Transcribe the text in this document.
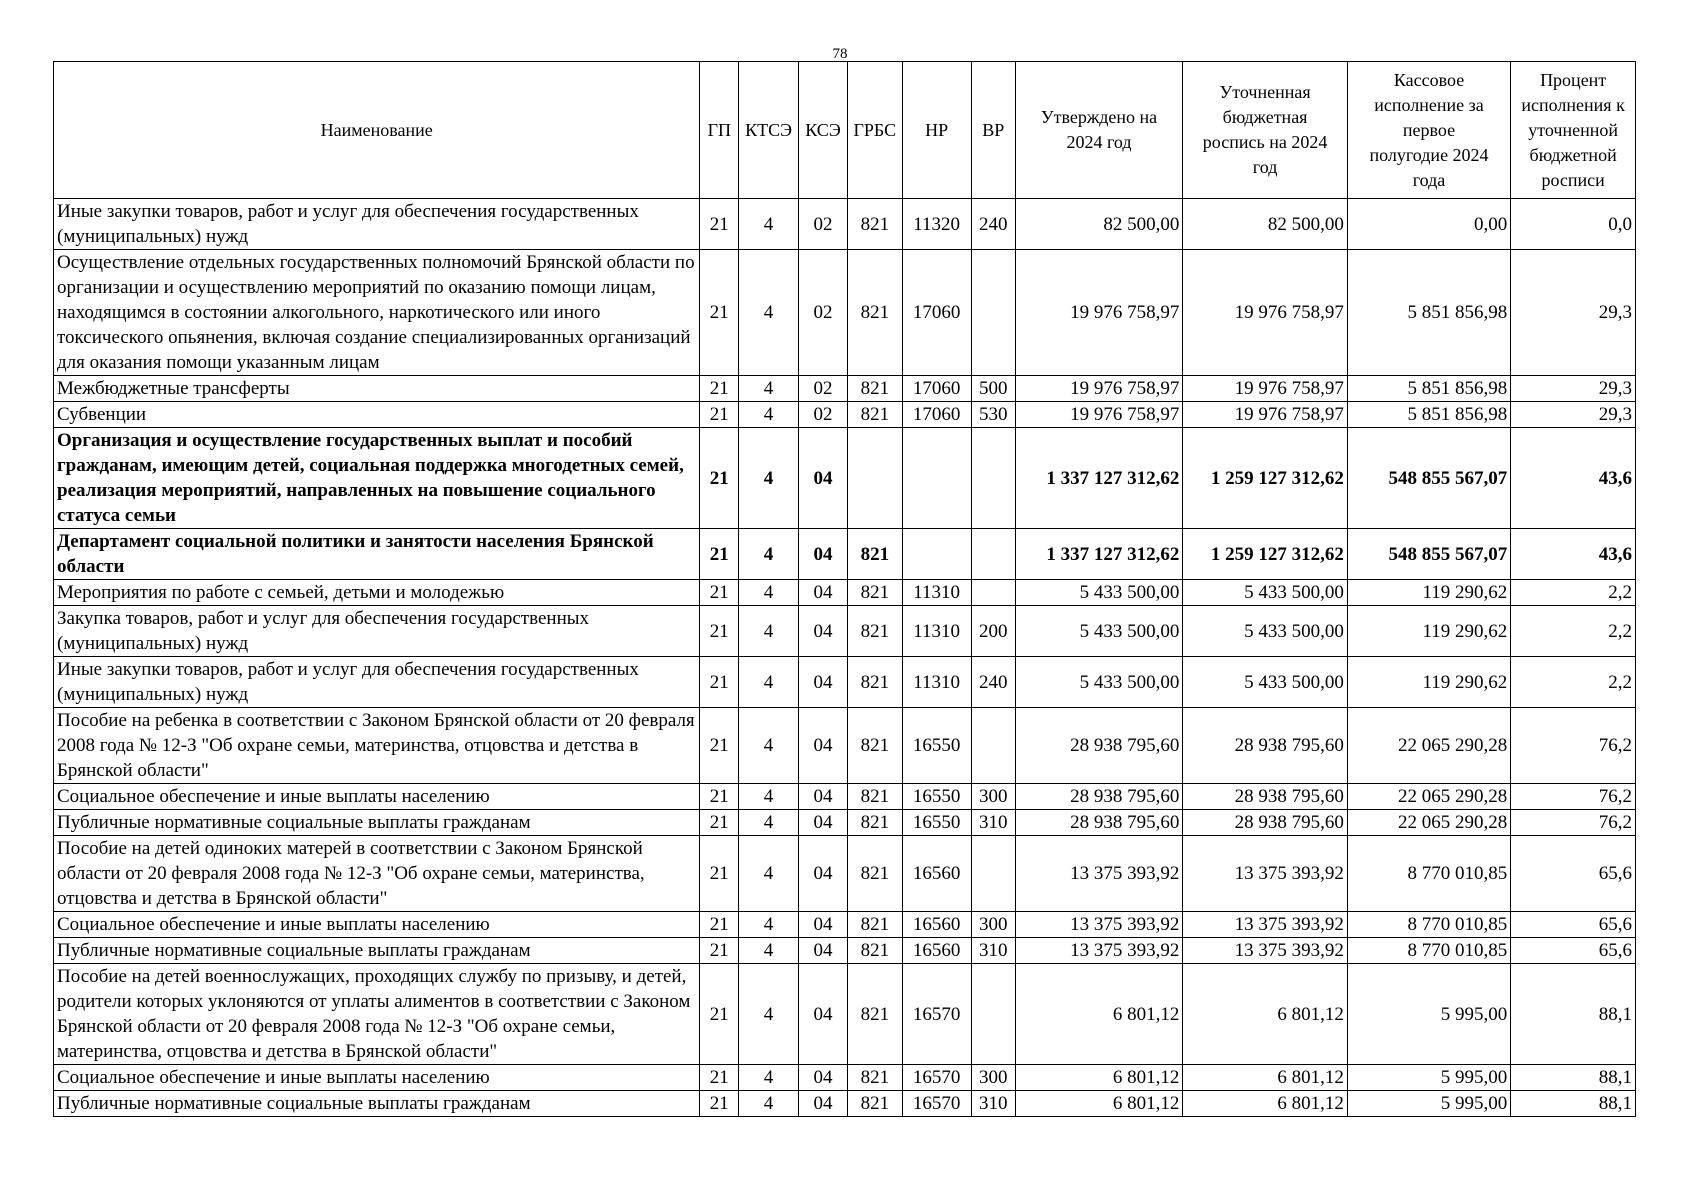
78
Наименование	ГП	КТСЭ	КСЭ	ГРБС	НР	ВР	Утверждено на 2024 год	Уточненная бюджетная роспись на 2024 год	Кассовое исполнение за первое полугодие 2024 года	Процент исполнения к уточненной бюджетной росписи
Иные закупки товаров, работ и услуг для обеспечения государственных (муниципальных) нужд	21	4	02	821	11320	240	82 500,00	82 500,00	0,00	0,0
Осуществление отдельных государственных полномочий Брянской области по организации и осуществлению мероприятий по оказанию помощи лицам, находящимся в состоянии алкогольного, наркотического или иного токсического опьянения, включая создание специализированных организаций для оказания помощи указанным лицам	21	4	02	821	17060		19 976 758,97	19 976 758,97	5 851 856,98	29,3
Межбюджетные трансферты	21	4	02	821	17060	500	19 976 758,97	19 976 758,97	5 851 856,98	29,3
Субвенции	21	4	02	821	17060	530	19 976 758,97	19 976 758,97	5 851 856,98	29,3
Организация и осуществление государственных выплат и пособий гражданам, имеющим детей, социальная поддержка многодетных семей, реализация мероприятий, направленных на повышение социального статуса семьи	21	4	04				1 337 127 312,62	1 259 127 312,62	548 855 567,07	43,6
Департамент социальной политики и занятости населения Брянской области	21	4	04	821			1 337 127 312,62	1 259 127 312,62	548 855 567,07	43,6
Мероприятия по работе с семьей, детьми и молодежью	21	4	04	821	11310		5 433 500,00	5 433 500,00	119 290,62	2,2
Закупка товаров, работ и услуг для обеспечения государственных (муниципальных) нужд	21	4	04	821	11310	200	5 433 500,00	5 433 500,00	119 290,62	2,2
Иные закупки товаров, работ и услуг для обеспечения государственных (муниципальных) нужд	21	4	04	821	11310	240	5 433 500,00	5 433 500,00	119 290,62	2,2
Пособие на ребенка в соответствии с Законом Брянской области от 20 февраля 2008 года № 12-З "Об охране семьи, материнства, отцовства и детства в Брянской области"	21	4	04	821	16550		28 938 795,60	28 938 795,60	22 065 290,28	76,2
Социальное обеспечение и иные выплаты населению	21	4	04	821	16550	300	28 938 795,60	28 938 795,60	22 065 290,28	76,2
Публичные нормативные социальные выплаты гражданам	21	4	04	821	16550	310	28 938 795,60	28 938 795,60	22 065 290,28	76,2
Пособие на детей одиноких матерей в соответствии с Законом Брянской области от 20 февраля 2008 года № 12-З "Об охране семьи, материнства, отцовства и детства в Брянской области"	21	4	04	821	16560		13 375 393,92	13 375 393,92	8 770 010,85	65,6
Социальное обеспечение и иные выплаты населению	21	4	04	821	16560	300	13 375 393,92	13 375 393,92	8 770 010,85	65,6
Публичные нормативные социальные выплаты гражданам	21	4	04	821	16560	310	13 375 393,92	13 375 393,92	8 770 010,85	65,6
Пособие на детей военнослужащих, проходящих службу по призыву, и детей, родители которых уклоняются от уплаты алиментов в соответствии с Законом Брянской области от 20 февраля 2008 года № 12-З "Об охране семьи, материнства, отцовства и детства в Брянской области"	21	4	04	821	16570		6 801,12	6 801,12	5 995,00	88,1
Социальное обеспечение и иные выплаты населению	21	4	04	821	16570	300	6 801,12	6 801,12	5 995,00	88,1
Публичные нормативные социальные выплаты гражданам	21	4	04	821	16570	310	6 801,12	6 801,12	5 995,00	88,1
